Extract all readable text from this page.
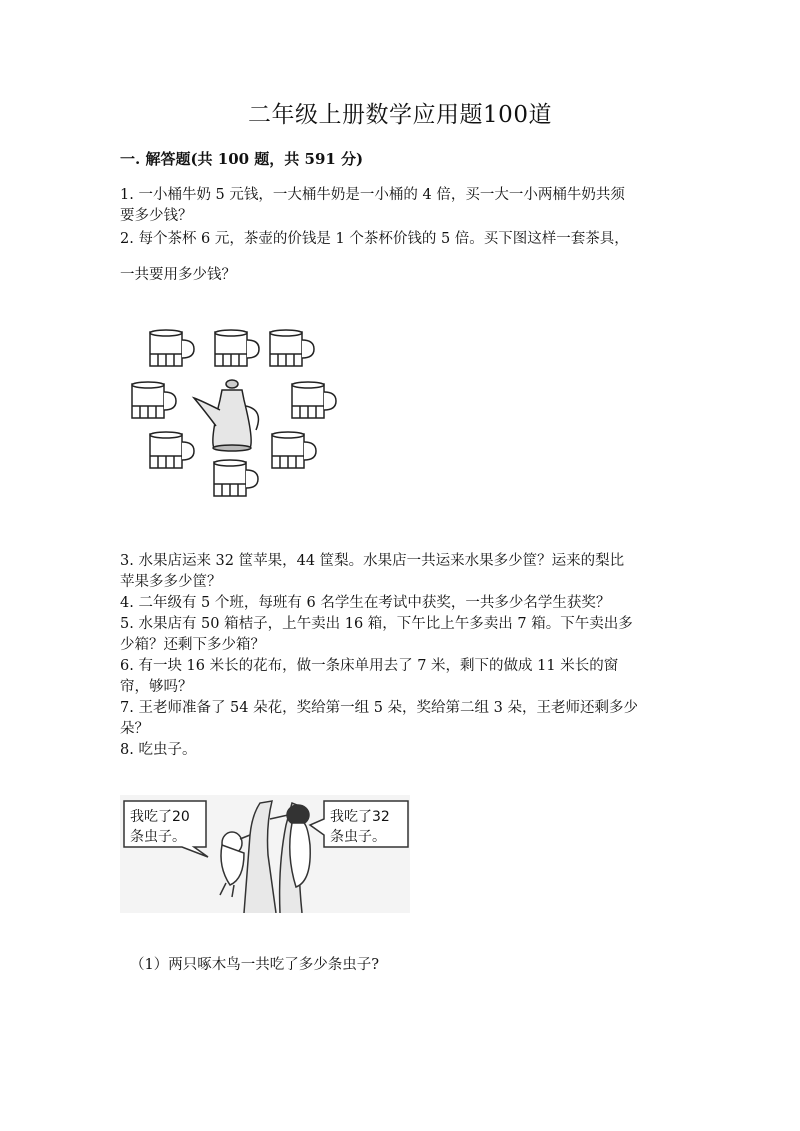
二年级上册数学应用题100道
一. 解答题(共 100 题，共 591 分)
1. 一小桶牛奶 5 元钱，一大桶牛奶是一小桶的 4 倍，买一大一小两桶牛奶共须
要多少钱？
2. 每个茶杯 6 元，茶壶的价钱是 1 个茶杯价钱的 5 倍。买下图这样一套茶具，
一共要用多少钱？
3. 水果店运来 32 筐苹果，44 筐梨。水果店一共运来水果多少筐？运来的梨比
苹果多多少筐？
4. 二年级有 5 个班，每班有 6 名学生在考试中获奖，一共多少名学生获奖？
5. 水果店有 50 箱桔子，上午卖出 16 箱，下午比上午多卖出 7 箱。下午卖出多
少箱？还剩下多少箱？
6. 有一块 16 米长的花布，做一条床单用去了 7 米，剩下的做成 11 米长的窗
帘，够吗？
7. 王老师准备了 54 朵花，奖给第一组 5 朵，奖给第二组 3 朵，王老师还剩多少
朵？
8. 吃虫子。
我吃了20
条虫子。
我吃了32
条虫子。
（1）两只啄木鸟一共吃了多少条虫子?
